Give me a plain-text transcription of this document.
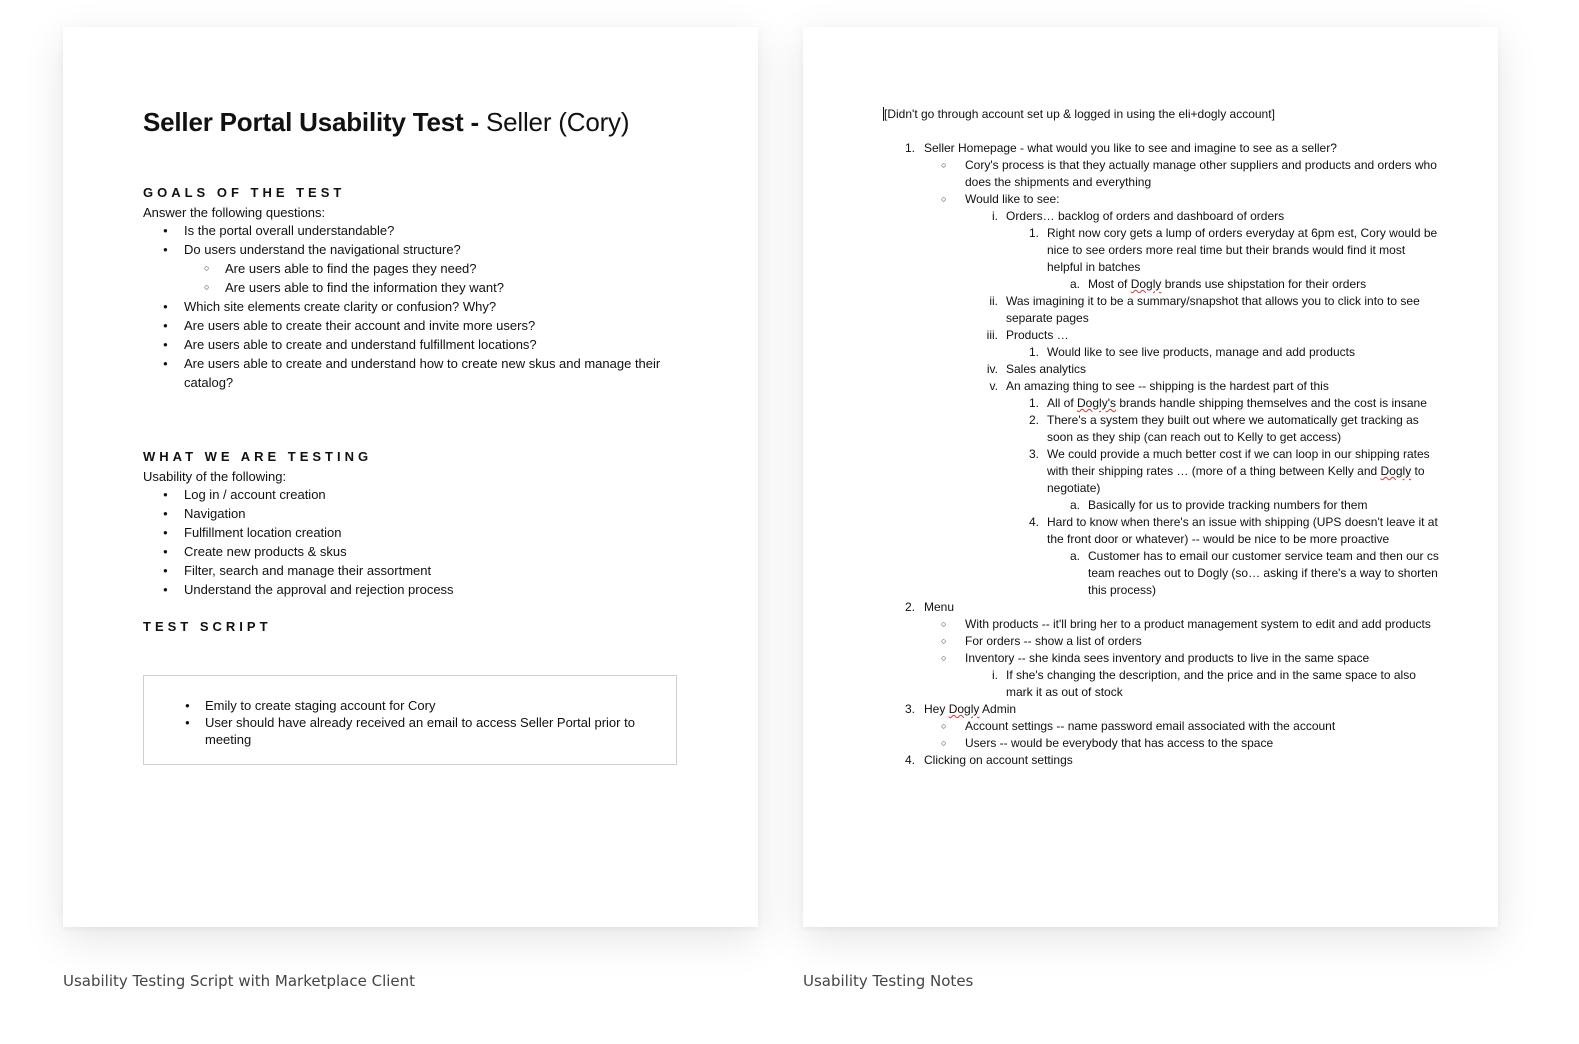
Seller Portal Usability Test - Seller (Cory)
GOALS OF THE TEST

Answer the following questions:

● Is the portal overall understandable?
● Do users understand the navigational structure?
○ Are users able to find the pages they need?
○ Are users able to find the information they want?
● Which site elements create clarity or confusion? Why?
● Are users able to create their account and invite more users?
● Are users able to create and understand fulfillment locations?
● Are users able to create and understand how to create new skus and manage their catalog?
WHAT WE ARE TESTING

Usability of the following:

● Log in / account creation
● Navigation
● Fulfillment location creation
● Create new products & skus
● Filter, search and manage their assortment
● Understand the approval and rejection process
TEST SCRIPT
● Emily to create staging account for Cory
● User should have already received an email to access Seller Portal prior to meeting
[Didn't go through account set up & logged in using the eli+dogly account]
1. Seller Homepage - what would you like to see and imagine to see as a seller?
○ Cory's process is that they actually manage other suppliers and products and orders who does the shipments and everything
○ Would like to see:
i. Orders… backlog of orders and dashboard of orders
1. Right now cory gets a lump of orders everyday at 6pm est, Cory would be nice to see orders more real time but their brands would find it most helpful in batches
a. Most of Dogly brands use shipstation for their orders
ii. Was imagining it to be a summary/snapshot that allows you to click into to see separate pages
iii. Products …
1. Would like to see live products, manage and add products
iv. Sales analytics
v. An amazing thing to see -- shipping is the hardest part of this
1. All of Dogly's brands handle shipping themselves and the cost is insane
2. There's a system they built out where we automatically get tracking as soon as they ship (can reach out to Kelly to get access)
3. We could provide a much better cost if we can loop in our shipping rates with their shipping rates … (more of a thing between Kelly and Dogly to negotiate)
a. Basically for us to provide tracking numbers for them
4. Hard to know when there's an issue with shipping (UPS doesn't leave it at the front door or whatever) -- would be nice to be more proactive
a. Customer has to email our customer service team and then our cs team reaches out to Dogly (so… asking if there's a way to shorten this process)
2. Menu
○ With products -- it'll bring her to a product management system to edit and add products
○ For orders -- show a list of orders
○ Inventory -- she kinda sees inventory and products to live in the same space
i. If she's changing the description, and the price and in the same space to also mark it as out of stock
3. Hey Dogly Admin
○ Account settings -- name password email associated with the account
○ Users -- would be everybody that has access to the space
4. Clicking on account settings
Usability Testing Script with Marketplace Client	Usability Testing Notes
